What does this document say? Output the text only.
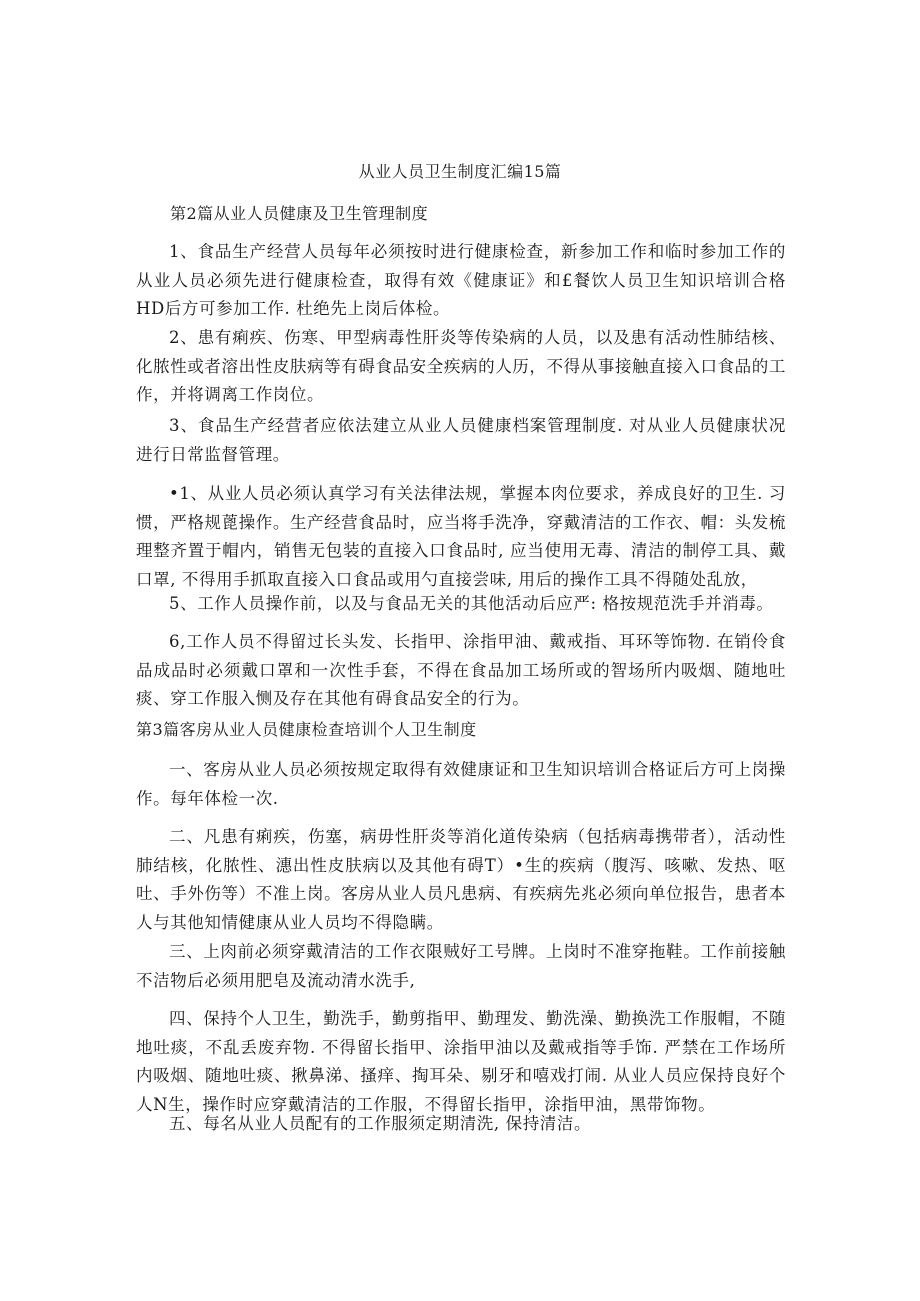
从业人员卫生制度汇编15篇
第2篇从业人员健康及卫生管理制度

1、食品生产经营人员每年必须按时进行健康检查，新参加工作和临时参加工作的从业人员必须先进行健康检查，取得有效《健康证》和£餐饮人员卫生知识培训合格HD后方可参加工作. 杜绝先上岗后体检。

2、患有痢疾、伤寒、甲型病毒性肝炎等传染病的人员，以及患有活动性肺结核、化脓性或者溶出性皮肤病等有碍食品安全疾病的人历，不得从事接触直接入口食品的工作，并将调离工作岗位。

3、食品生产经营者应依法建立从业人员健康档案管理制度. 对从业人员健康状况进行日常监督管理。

•1、从业人员必须认真学习有关法律法规，掌握本肉位要求，养成良好的卫生. 习惯，严格规蓖操作。生产经营食品时，应当将手洗净，穿戴清洁的工作衣、帽：头发梳理整齐置于帽内，销售无包装的直接入口食品时, 应当使用无毒、清洁的制停工具、戴口罩, 不得用手抓取直接入口食品或用勺直接尝味, 用后的操作工具不得随处乱放，

5、工作人员操作前，以及与食品无关的其他活动后应严: 格按规范洗手并消毒。

6,工作人员不得留过长头发、长指甲、涂指甲油、戴戒指、耳环等饰物. 在销伶食品成品时必须戴口罩和一次性手套，不得在食品加工场所或的智场所内吸烟、随地吐痰、穿工作服入恻及存在其他有碍食品安全的行为。

第3篇客房从业人员健康检查培训个人卫生制度

一、客房从业人员必须按规定取得有效健康证和卫生知识培训合格证后方可上岗操作。每年体检一次.

二、凡患有痢疾，伤塞，病毋性肝炎等消化道传染病（包括病毒携带者），活动性肺结核，化脓性、潓出性皮肤病以及其他有碍T）•生的疾病（腹泻、咳嗽、发热、呕吐、手外伤等）不准上岗。客房从业人员凡患病、有疾病先兆必须向单位报告，患者本人与其他知情健康从业人员均不得隐瞒。

三、上肉前必须穿戴清洁的工作衣限贼好工号牌。上岗时不准穿拖鞋。工作前接触不洁物后必须用肥皂及流动清水洗手,

四、保持个人卫生，勤洗手，勤剪指甲、勤理发、勤洗澡、勤换洗工作服帽，不随地吐痰，不乱丢废弃物. 不得留长指甲、涂指甲油以及戴戒指等手饰. 严禁在工作场所内吸烟、随地吐痰、揪鼻涕、搔痒、掏耳朵、剔牙和嘻戏打闹. 从业人员应保持良好个人N生，操作时应穿戴清洁的工作服，不得留长指甲，涂指甲油，黑带饰物。

五、每名从业人员配有的工作服须定期清洗, 保持清洁。
